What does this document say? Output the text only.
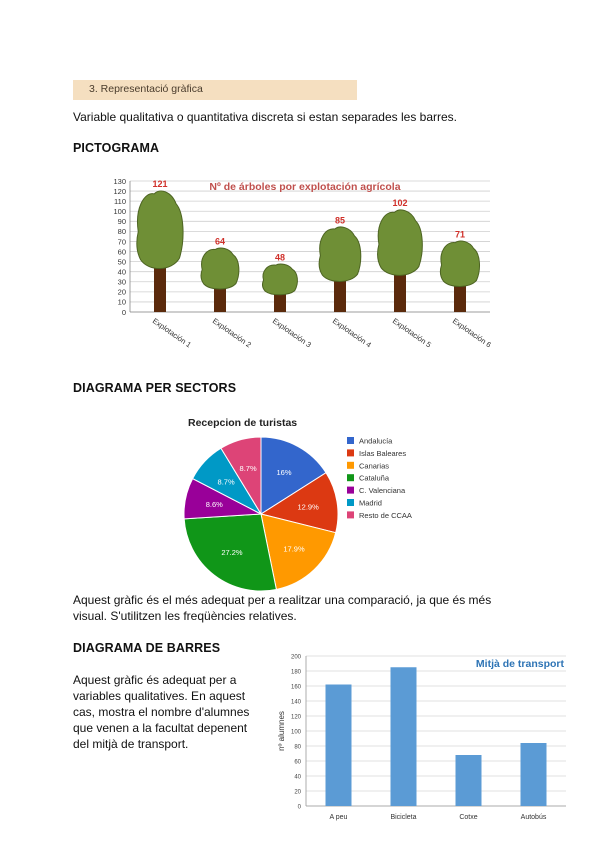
3. Representació gràfica
Variable qualitativa o quantitativa discreta si estan separades les barres.
PICTOGRAMA
0
10
20
30
40
50
60
70
80
90
100
110
120
130	Nº de árboles por explotación agrícola
121
Explotación 1
64
Explotación 2
48
Explotación 3
85
Explotación 4
102
Explotación 5
71
Explotación 6
DIAGRAMA PER SECTORS
Recepcion de turistas
16%
12.9%
17.9%
27.2%
8.6%
8.7%
8.7%
Andalucía
Islas Baleares
Canarias
Cataluña
C. Valenciana
Madrid
Resto de CCAA
Aquest gràfic és el més adequat per a realitzar una comparació, ja que és més
visual. S'utilitzen les freqüències relatives.
DIAGRAMA DE BARRES
Aquest gràfic és adequat per a
variables qualitatives. En aquest
cas, mostra el nombre d'alumnes
que venen a la facultat depenent
del mitjà de transport.
0
20
40
60
80
100
120
140
160
180
200
nº alumnes
Mitjà de transport
A peu	Bicicleta	Cotxe	Autobús
